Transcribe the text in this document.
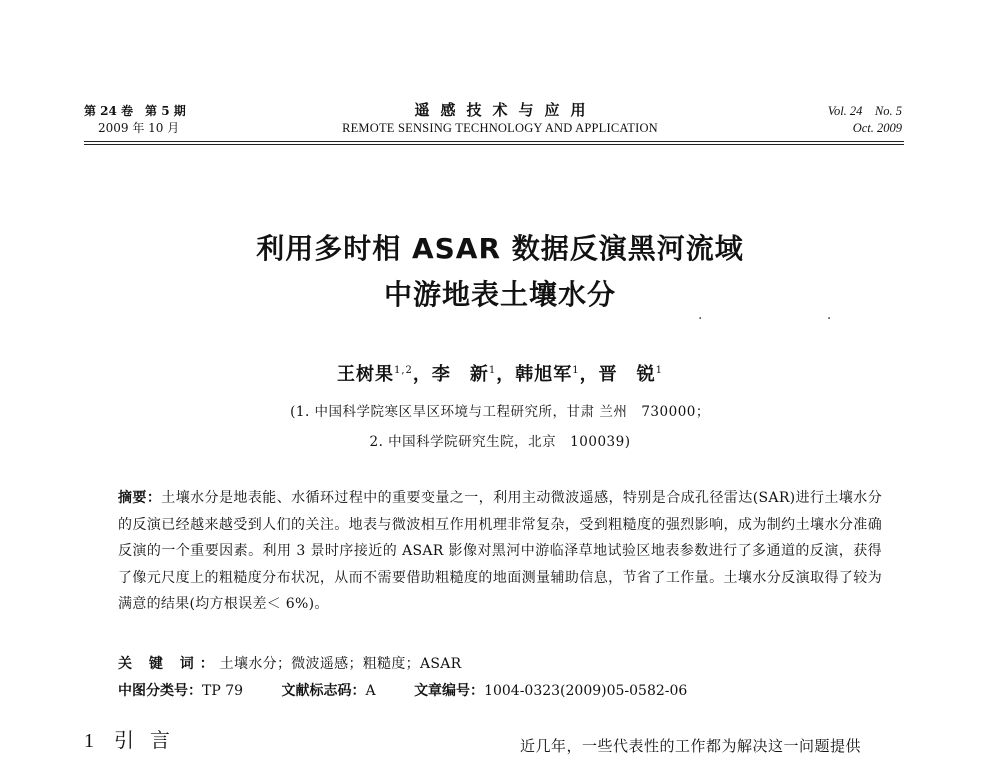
第 24 卷　第 5 期
2009 年 10 月
遥感技术与应用
REMOTE SENSING TECHNOLOGY AND APPLICATION
Vol. 24　No. 5
Oct. 2009
利用多时相 ASAR 数据反演黑河流域
中游地表土壤水分
. .
王树果$^{1,2}$，李　新$^1$，韩旭军$^1$，晋　锐$^1$
(1. 中国科学院寒区旱区环境与工程研究所，甘肃 兰州　730000；
2. 中国科学院研究生院，北京　100039)
摘要：土壤水分是地表能、水循环过程中的重要变量之一，利用主动微波遥感，特别是合成孔径雷达(SAR)进行土壤水分的反演已经越来越受到人们的关注。地表与微波相互作用机理非常复杂，受到粗糙度的强烈影响，成为制约土壤水分准确反演的一个重要因素。利用 3 景时序接近的 ASAR 影像对黑河中游临泽草地试验区地表参数进行了多通道的反演，获得了像元尺度上的粗糙度分布状况，从而不需要借助粗糙度的地面测量辅助信息，节省了工作量。土壤水分反演取得了较为满意的结果(均方根误差＜ 6%)。
关 键 词：土壤水分；微波遥感；粗糙度；ASAR
中图分类号：TP 79	文献标志码：A	文章编号：1004-0323(2009)05-0582-06
1 引言	近几年，一些代表性的工作都为解决这一问题提供
